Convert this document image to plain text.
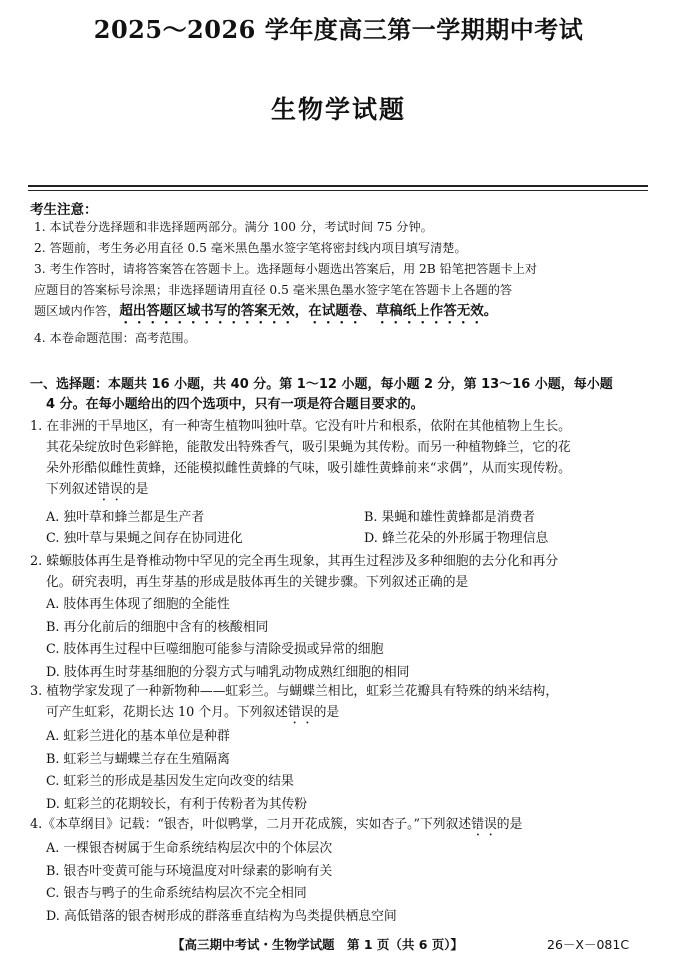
2025～2026 学年度高三第一学期期中考试
生物学试题
考生注意：
1. 本试卷分选择题和非选择题两部分。满分 100 分，考试时间 75 分钟。
2. 答题前，考生务必用直径 0.5 毫米黑色墨水签字笔将密封线内项目填写清楚。
3. 考生作答时，请将答案答在答题卡上。选择题每小题选出答案后，用 2B 铅笔把答题卡上对
应题目的答案标号涂黑；非选择题请用直径 0.5 毫米黑色墨水签字笔在答题卡上各题的答
题区域内作答，超出答题区域书写的答案无效，在试题卷、草稿纸上作答无效。
4. 本卷命题范围：高考范围。
一、选择题：本题共 16 小题，共 40 分。第 1～12 小题，每小题 2 分，第 13～16 小题，每小题
4 分。在每小题给出的四个选项中，只有一项是符合题目要求的。
1. 在非洲的干旱地区，有一种寄生植物叫独叶草。它没有叶片和根系，依附在其他植物上生长。
其花朵绽放时色彩鲜艳，能散发出特殊香气，吸引果蝇为其传粉。而另一种植物蜂兰，它的花
朵外形酷似雌性黄蜂，还能模拟雌性黄蜂的气味，吸引雄性黄蜂前来“求偶”，从而实现传粉。
下列叙述错误的是
A. 独叶草和蜂兰都是生产者	B. 果蝇和雄性黄蜂都是消费者
C. 独叶草与果蝇之间存在协同进化	D. 蜂兰花朵的外形属于物理信息
2. 蝾螈肢体再生是脊椎动物中罕见的完全再生现象，其再生过程涉及多种细胞的去分化和再分
化。研究表明，再生芽基的形成是肢体再生的关键步骤。下列叙述正确的是
A. 肢体再生体现了细胞的全能性
B. 再分化前后的细胞中含有的核酸相同
C. 肢体再生过程中巨噬细胞可能参与清除受损或异常的细胞
D. 肢体再生时芽基细胞的分裂方式与哺乳动物成熟红细胞的相同
3. 植物学家发现了一种新物种——虹彩兰。与蝴蝶兰相比，虹彩兰花瓣具有特殊的纳米结构，
可产生虹彩，花期长达 10 个月。下列叙述错误的是
A. 虹彩兰进化的基本单位是种群
B. 虹彩兰与蝴蝶兰存在生殖隔离
C. 虹彩兰的形成是基因发生定向改变的结果
D. 虹彩兰的花期较长，有利于传粉者为其传粉
4.《本草纲目》记载：“银杏，叶似鸭掌，二月开花成簇，实如杏子。”下列叙述错误的是
A. 一棵银杏树属于生命系统结构层次中的个体层次
B. 银杏叶变黄可能与环境温度对叶绿素的影响有关
C. 银杏与鸭子的生命系统结构层次不完全相同
D. 高低错落的银杏树形成的群落垂直结构为鸟类提供栖息空间
【高三期中考试・生物学试题　第 1 页（共 6 页）】	26－X－081C
